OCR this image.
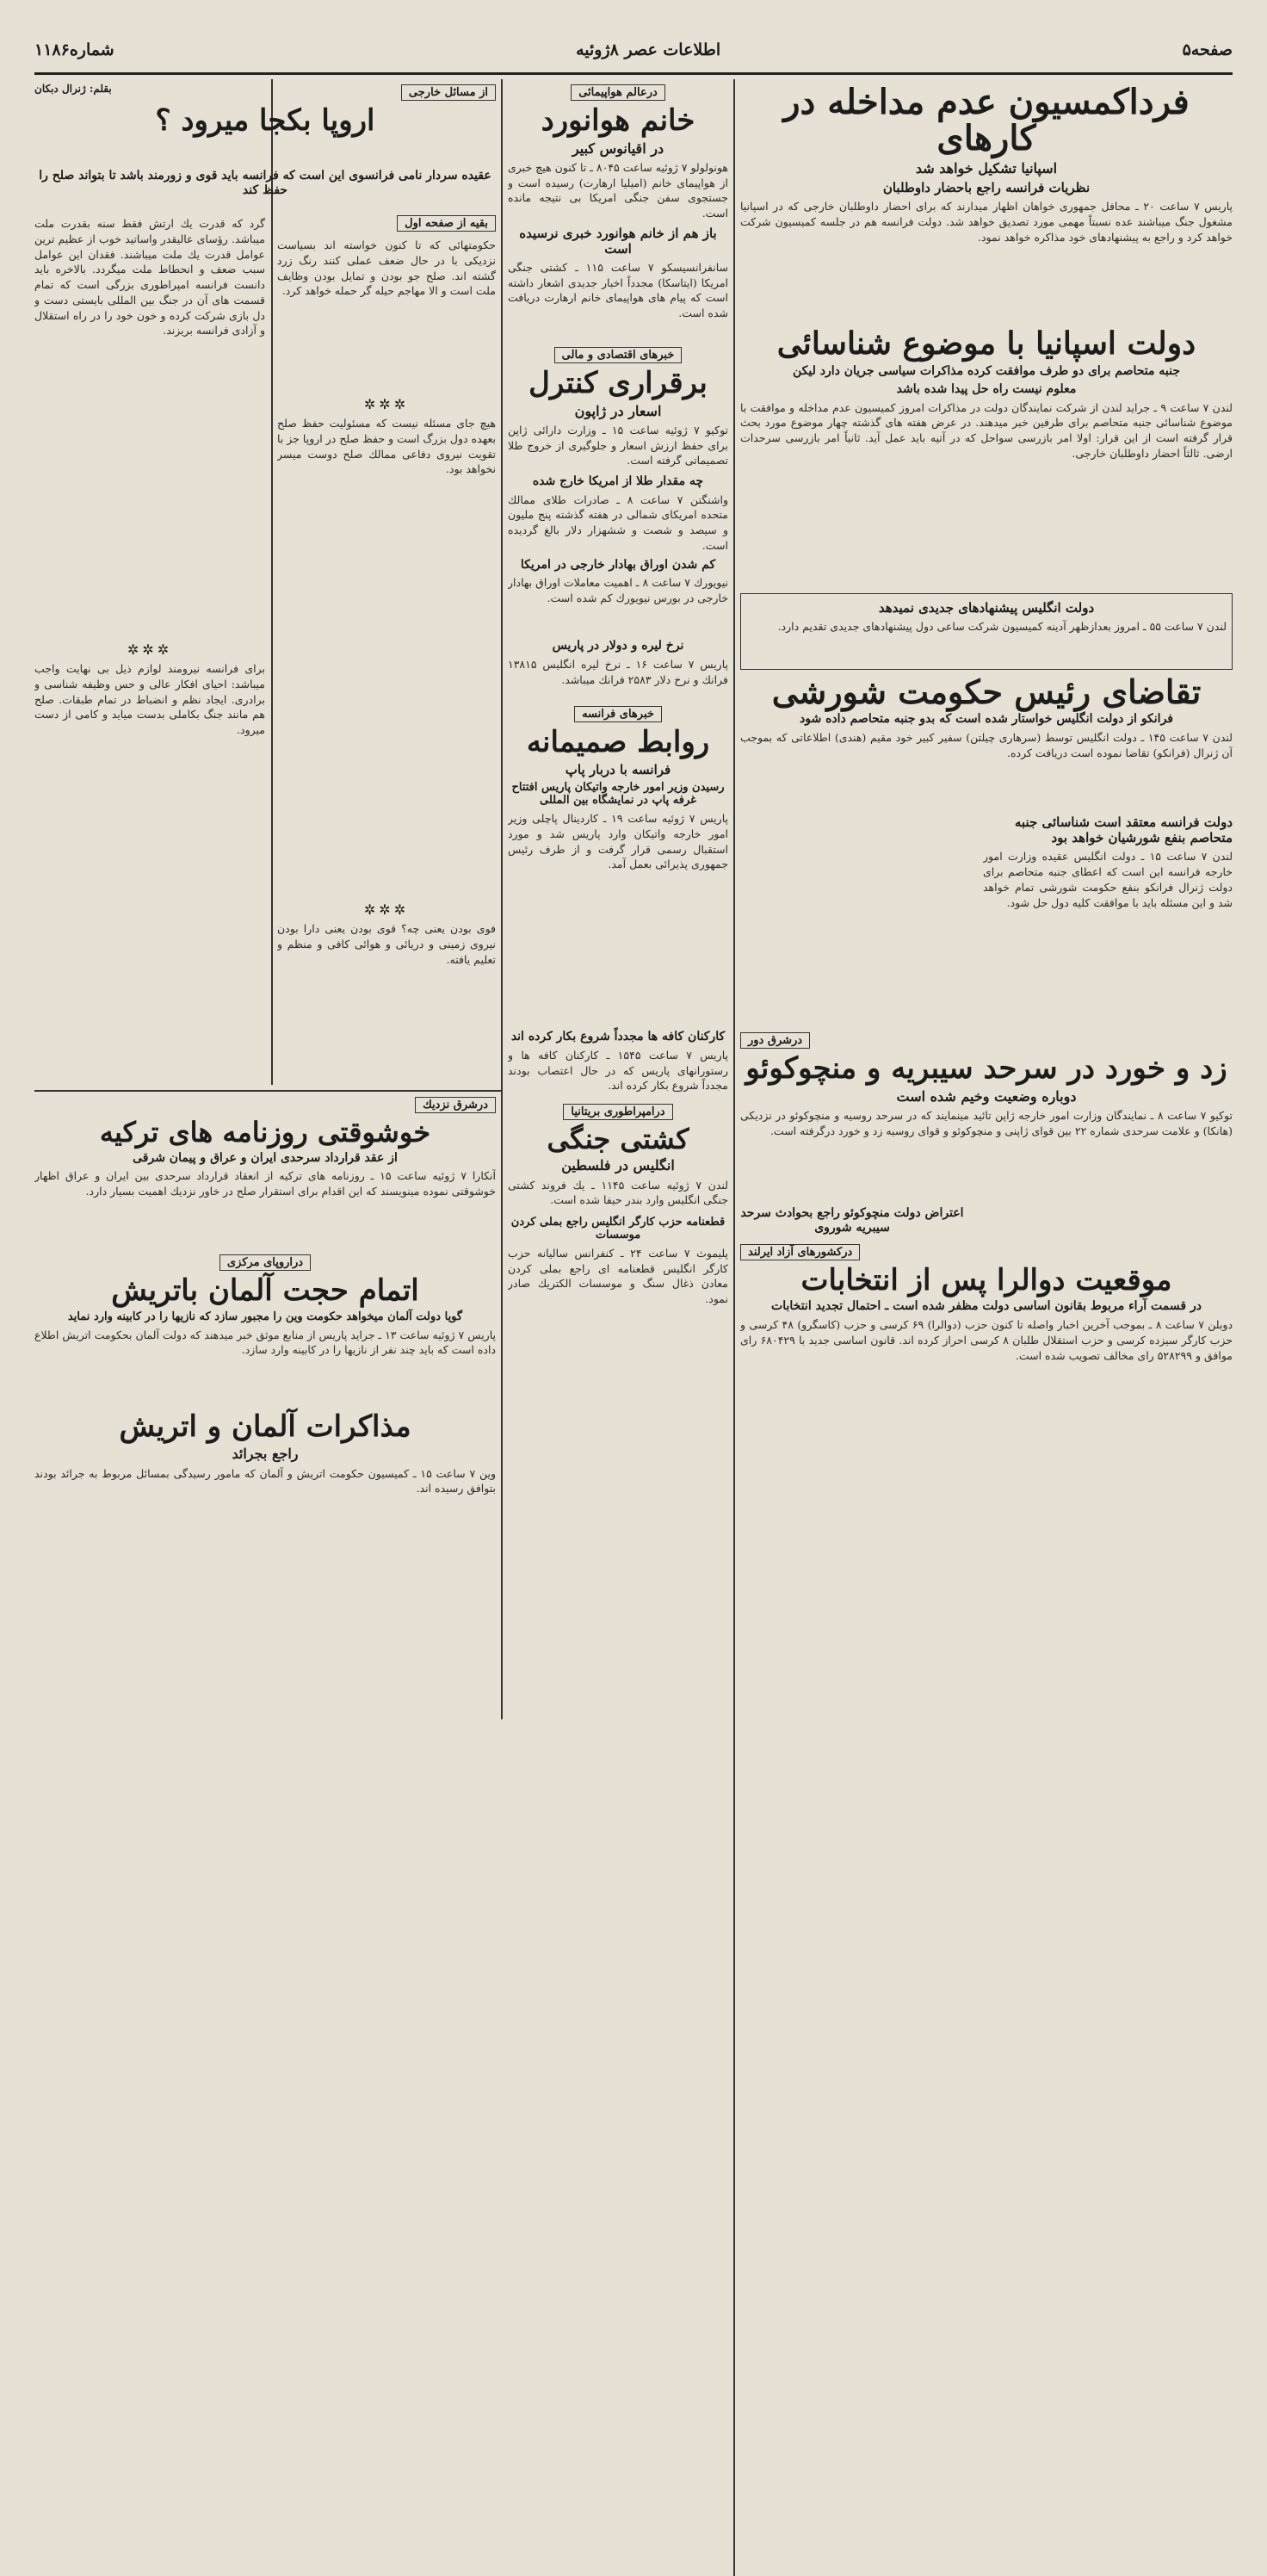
صفحه۵
اطلاعات عصر ۸ژوئیه
شماره۱۱۸۶
فرداكمسیون عدم مداخله در كارهای
اسپانیا تشكیل خواهد شد
نظریات فرانسه راجع باحضار داوطلبان
پاریس ۷ ساعت ۲۰ ـ محافل جمهوری خواهان اظهار میدارند كه برای احضار داوطلبان خارجی كه در اسپانیا مشغول جنگ میباشند عده نسبتاً مهمی مورد تصدیق خواهد شد. دولت فرانسه هم در جلسه كمیسیون شركت خواهد كرد و راجع به پیشنهادهای خود مذاكره خواهد نمود.
دولت اسپانیا با موضوع شناسائی
جنبه متحاصم برای دو طرف موافقت كرده مذاكرات سیاسی جریان دارد لیكن
معلوم نیست راه حل پیدا شده باشد
لندن ۷ ساعت ۹ ـ جراید لندن از شركت نمایندگان دولت در مذاكرات امروز كمیسیون عدم مداخله و موافقت با موضوع شناسائی جنبه متحاصم برای طرفین خبر میدهند. در عرض هفته های گذشته چهار موضوع مورد بحث قرار گرفته است از این قرار: اولا امر بازرسی سواحل كه در آتیه باید عمل آید. ثانیاً امر بازرسی سرحدات ارضی. ثالثاً احضار داوطلبان خارجی.
دولت انگلیس پیشنهادهای جدیدی نمیدهد
لندن ۷ ساعت ۵۵ ـ امروز بعدازظهر آدینه كمیسیون شركت ساعی دول پیشنهادهای جدیدی تقدیم دارد.
تقاضای رئیس حكومت شورشی
فرانكو از دولت انگلیس خواستار شده است كه بدو جنبه متحاصم داده شود
لندن ۷ ساعت ۱۴۵ ـ دولت انگلیس توسط (سرهاری چیلتن) سفیر كبیر خود مقیم (هندی) اطلاعاتی كه بموجب آن ژنرال (فرانكو) تقاضا نموده است دریافت كرده.
دولت فرانسه معتقد است شناسائی جنبه متحاصم بنفع شورشیان خواهد بود
لندن ۷ ساعت ۱۵ ـ دولت انگلیس عقیده وزارت امور خارجه فرانسه این است كه اعطای جنبه متحاصم برای دولت ژنرال فرانكو بنفع حكومت شورشی تمام خواهد شد و این مسئله باید با موافقت كلیه دول حل شود.
درشرق دور
زد و خورد در سرحد سیبریه و منچوكوئو
دوباره وضعیت وخیم شده است
توكیو ۷ ساعت ۸ ـ نمایندگان وزارت امور خارجه ژاپن تائید مینمایند كه در سرحد روسیه و منچوكوئو در نزدیكی (هانكا) و علامت سرحدی شماره ۲۲ بین قوای ژاپنی و منچوكوئو و قوای روسیه زد و خورد درگرفته است.
اعتراض دولت منچوكوئو راجع بحوادث سرحد سیبریه شوروی
دركشورهای آزاد ایرلند
موقعیت دوالرا پس از انتخابات
در قسمت آراء مربوط بقانون اساسی دولت مظفر شده است ـ احتمال تجدید انتخابات
دوبلن ۷ ساعت ۸ ـ بموجب آخرین اخبار واصله تا كنون حزب (دوالرا) ۶۹ كرسی و حزب (كاسگرو) ۴۸ كرسی و حزب كارگر سیزده كرسی و حزب استقلال طلبان ۸ كرسی احراز كرده اند. قانون اساسی جدید با ۶۸۰۴۲۹ رای موافق و ۵۲۸۲۹۹ رای مخالف تصویب شده است.
درعالم هواپیمائی
خانم هوانورد
در اقیانوس كبیر
هونولولو ۷ ژوئیه ساعت ۸۰۴۵ ـ تا كنون هیچ خبری از هواپیمای خانم (امیلیا ارهارت) رسیده است و جستجوی سفن جنگی امریكا بی نتیجه مانده است.
باز هم از خانم هوانورد خبری نرسیده است
سانفرانسیسكو ۷ ساعت ۱۱۵ ـ كشتی جنگی امریكا (ایتاسكا) مجدداً اخبار جدیدی اشعار داشته است كه پیام های هواپیمای خانم ارهارت دریافت شده است.
خبرهای اقتصادی و مالی
برقراری كنترل
اسعار در ژاپون
توكیو ۷ ژوئیه ساعت ۱۵ ـ وزارت دارائی ژاپن برای حفظ ارزش اسعار و جلوگیری از خروج طلا تصمیماتی گرفته است.
چه مقدار طلا از امریكا خارج شده
واشنگتن ۷ ساعت ۸ ـ صادرات طلای ممالك متحده امریكای شمالی در هفته گذشته پنج ملیون و سیصد و شصت و ششهزار دلار بالغ گردیده است.
كم شدن اوراق بهادار خارجی در امریكا
نیویورك ۷ ساعت ۸ ـ اهمیت معاملات اوراق بهادار خارجی در بورس نیویورك كم شده است.
نرخ لیره و دولار در پاریس
پاریس ۷ ساعت ۱۶ ـ نرخ لیره انگلیس ۱۳۸۱۵ فرانك و نرخ دلار ۲۵۸۳ فرانك میباشد.
خبرهای فرانسه
روابط صمیمانه
فرانسه با دربار پاپ
رسیدن وزیر امور خارجه واتیكان پاریس افتتاح غرفه پاپ در نمایشگاه بین المللی
پاریس ۷ ژوئیه ساعت ۱۹ ـ كاردینال پاچلی وزیر امور خارجه واتیكان وارد پاریس شد و مورد استقبال رسمی قرار گرفت و از طرف رئیس جمهوری پذیرائی بعمل آمد.
كاركنان كافه ها مجدداً شروع بكار كرده اند
پاریس ۷ ساعت ۱۵۴۵ ـ كاركنان كافه ها و رستورانهای پاریس كه در حال اعتصاب بودند مجدداً شروع بكار كرده اند.
درامپراطوری بریتانیا
كشتی جنگی
انگلیس در فلسطین
لندن ۷ ژوئیه ساعت ۱۱۴۵ ـ یك فروند كشتی جنگی انگلیس وارد بندر حیفا شده است.
قطعنامه حزب كارگر انگلیس راجع بملی كردن موسسات
پلیموث ۷ ساعت ۲۴ ـ كنفرانس سالیانه حزب كارگر انگلیس قطعنامه ای راجع بملی كردن معادن ذغال سنگ و موسسات الكتریك صادر نمود.
از مسائل خارجی
بقلم: ژنرال دبكان
اروپا بكجا میرود ؟
عقیده سردار نامی فرانسوی این است كه فرانسه باید قوی و زورمند باشد تا بتواند صلح را حفظ كند
بقیه از صفحه اول
حكومتهائی كه تا كنون خواسته اند بسیاست نزدیكی با در حال ضعف عملی كنند رنگ زرد گشته اند. صلح جو بودن و تمایل بودن وظایف ملت است و الا مهاجم حیله گر حمله خواهد كرد.
✲✲✲
هیچ جای مسئله نیست كه مسئولیت حفظ صلح بعهده دول بزرگ است و حفظ صلح در اروپا جز با تقویت نیروی دفاعی ممالك صلح دوست میسر نخواهد بود.
✲✲✲
فوی بودن یعنی چه؟ قوی بودن یعنی دارا بودن نیروی زمینی و دریائی و هوائی كافی و منظم و تعلیم یافته.
گرد كه قدرت یك ارتش فقط سنه بقدرت ملت میباشد. رؤسای عالیقدر واساتید خوب از عظیم ترین عوامل قدرت یك ملت میباشند. فقدان این عوامل سبب ضعف و انحطاط ملت میگردد. بالاخره باید دانست فرانسه امپراطوری بزرگی است كه تمام قسمت های آن در جنگ بین المللی بایستی دست و دل بازی شركت كرده و خون خود را در راه استقلال و آزادی فرانسه بریزند.
✲✲✲
برای فرانسه نیرومند لوازم ذیل بی نهایت واجب میباشد: احیای افكار عالی و حس وظیفه شناسی و برادری. ایجاد نظم و انضباط در تمام طبقات. صلح هم مانند جنگ بكاملی بدست میاید و كامی از دست میرود.
درشرق نزدیك
خوشوقتی روزنامه های تركیه
از عقد قرارداد سرحدی ایران و عراق و پیمان شرقی
آنكارا ۷ ژوئیه ساعت ۱۵ ـ روزنامه های تركیه از انعقاد قرارداد سرحدی بین ایران و عراق اظهار خوشوقتی نموده مینویسند كه این اقدام برای استقرار صلح در خاور نزدیك اهمیت بسیار دارد.
دراروپای مركزی
اتمام حجت آلمان باتریش
گویا دولت آلمان میخواهد حكومت وین را مجبور سازد كه نازیها را در كابینه وارد نماید
پاریس ۷ ژوئیه ساعت ۱۳ ـ جراید پاریس از منابع موثق خبر میدهند كه دولت آلمان بحكومت اتریش اطلاع داده است كه باید چند نفر از نازیها را در كابینه وارد سازد.
مذاكرات آلمان و اتریش
راجع بجرائد
وین ۷ ساعت ۱۵ ـ كمیسیون حكومت اتریش و آلمان كه مامور رسیدگی بمسائل مربوط به جرائد بودند بتوافق رسیده اند.
